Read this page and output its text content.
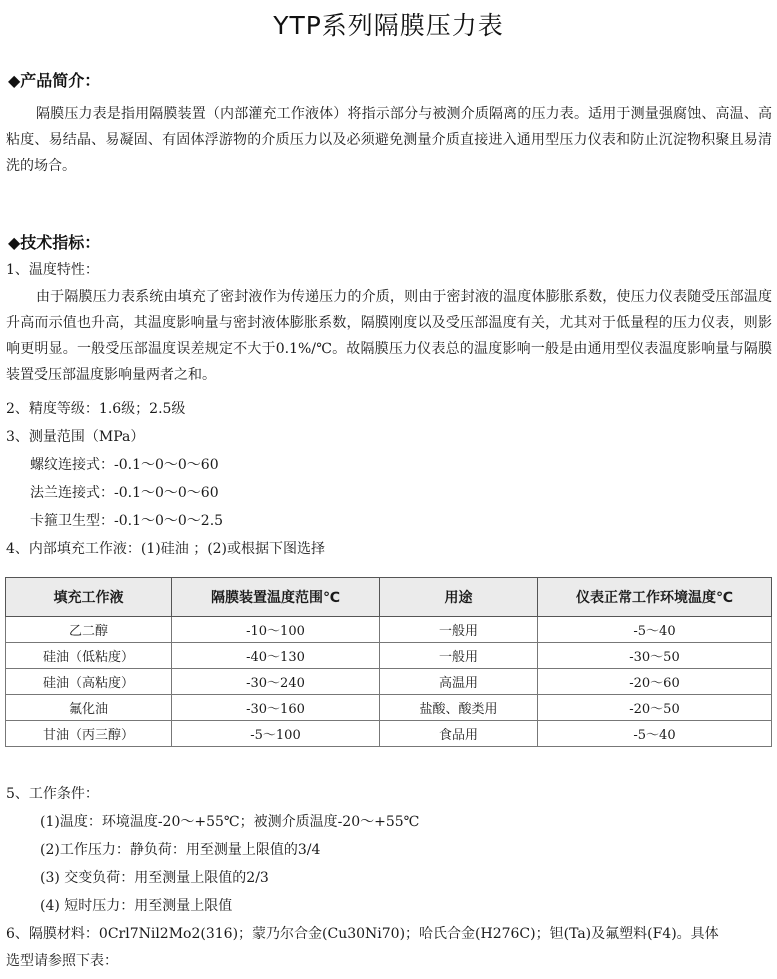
YTP系列隔膜压力表
◆产品简介：
隔膜压力表是指用隔膜装置（内部灌充工作液体）将指示部分与被测介质隔离的压力表。适用于测量强腐蚀、高温、高粘度、易结晶、易凝固、有固体浮游物的介质压力以及必须避免测量介质直接进入通用型压力仪表和防止沉淀物积聚且易清洗的场合。
◆技术指标：
1、温度特性：
由于隔膜压力表系统由填充了密封液作为传递压力的介质，则由于密封液的温度体膨胀系数，使压力仪表随受压部温度升高而示值也升高，其温度影响量与密封液体膨胀系数，隔膜刚度以及受压部温度有关，尤其对于低量程的压力仪表，则影响更明显。一般受压部温度误差规定不大于0.1%/℃。故隔膜压力仪表总的温度影响一般是由通用型仪表温度影响量与隔膜装置受压部温度影响量两者之和。
2、精度等级：1.6级；2.5级
3、测量范围（MPa）
螺纹连接式：-0.1～0～0～60
法兰连接式：-0.1～0～0～60
卡箍卫生型：-0.1～0～0～2.5
4、内部填充工作液：(1)硅油 ；(2)或根据下图选择
填充工作液	隔膜装置温度范围℃	用途	仪表正常工作环境温度℃
乙二醇	-10～100	一般用	-5～40
硅油（低粘度）	-40～130	一般用	-30～50
硅油（高粘度）	-30～240	高温用	-20～60
氟化油	-30～160	盐酸、酸类用	-20～50
甘油（丙三醇）	-5～100	食品用	-5～40
5、工作条件：
(1)温度：环境温度-20～+55℃；被测介质温度-20～+55℃
(2)工作压力：静负荷：用至测量上限值的3/4
(3) 交变负荷：用至测量上限值的2/3
(4) 短时压力：用至测量上限值
6、隔膜材料：0Crl7Nil2Mo2(316)；蒙乃尔合金(Cu30Ni70)；哈氏合金(H276C)；钽(Ta)及氟塑料(F4)。具体
选型请参照下表：
